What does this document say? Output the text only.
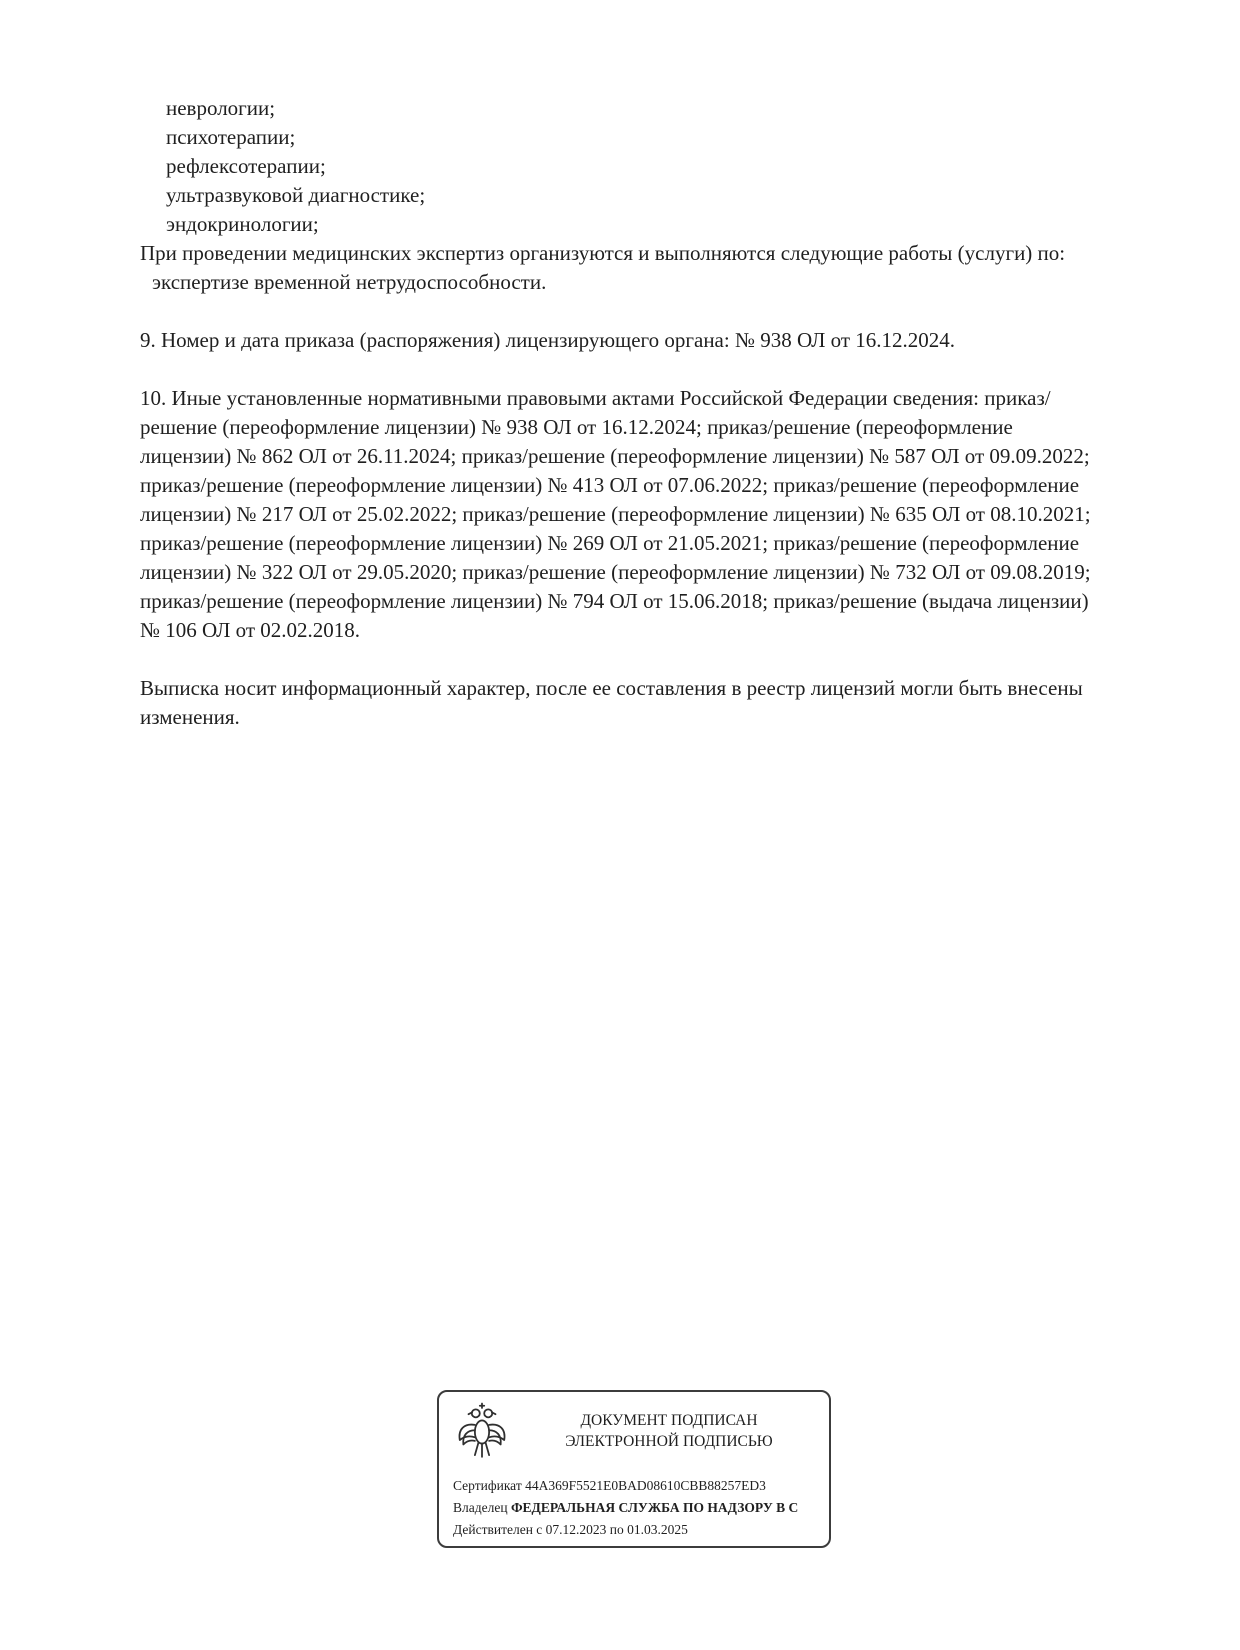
неврологии;
психотерапии;
рефлексотерапии;
ультразвуковой диагностике;
эндокринологии;

При проведении медицинских экспертиз организуются и выполняются следующие работы (услуги) по:

экспертизе временной нетрудоспособности.

9. Номер и дата приказа (распоряжения) лицензирующего органа: № 938 ОЛ от 16.12.2024.

10. Иные установленные нормативными правовыми актами Российской Федерации сведения: приказ/решение (переоформление лицензии) № 938 ОЛ от 16.12.2024; приказ/решение (переоформление лицензии) № 862 ОЛ от 26.11.2024; приказ/решение (переоформление лицензии) № 587 ОЛ от 09.09.2022; приказ/решение (переоформление лицензии) № 413 ОЛ от 07.06.2022; приказ/решение (переоформление лицензии) № 217 ОЛ от 25.02.2022; приказ/решение (переоформление лицензии) № 635 ОЛ от 08.10.2021; приказ/решение (переоформление лицензии) № 269 ОЛ от 21.05.2021; приказ/решение (переоформление лицензии) № 322 ОЛ от 29.05.2020; приказ/решение (переоформление лицензии) № 732 ОЛ от 09.08.2019; приказ/решение (переоформление лицензии) № 794 ОЛ от 15.06.2018; приказ/решение (выдача лицензии) № 106 ОЛ от 02.02.2018.

Выписка носит информационный характер, после ее составления в реестр лицензий могли быть внесены изменения.

ДОКУМЕНТ ПОДПИСАН
ЭЛЕКТРОННОЙ ПОДПИСЬЮ
Сертификат 44A369F5521E0BAD08610CBB88257ED3
Владелец ФЕДЕРАЛЬНАЯ СЛУЖБА ПО НАДЗОРУ В С
Действителен с 07.12.2023 по 01.03.2025
